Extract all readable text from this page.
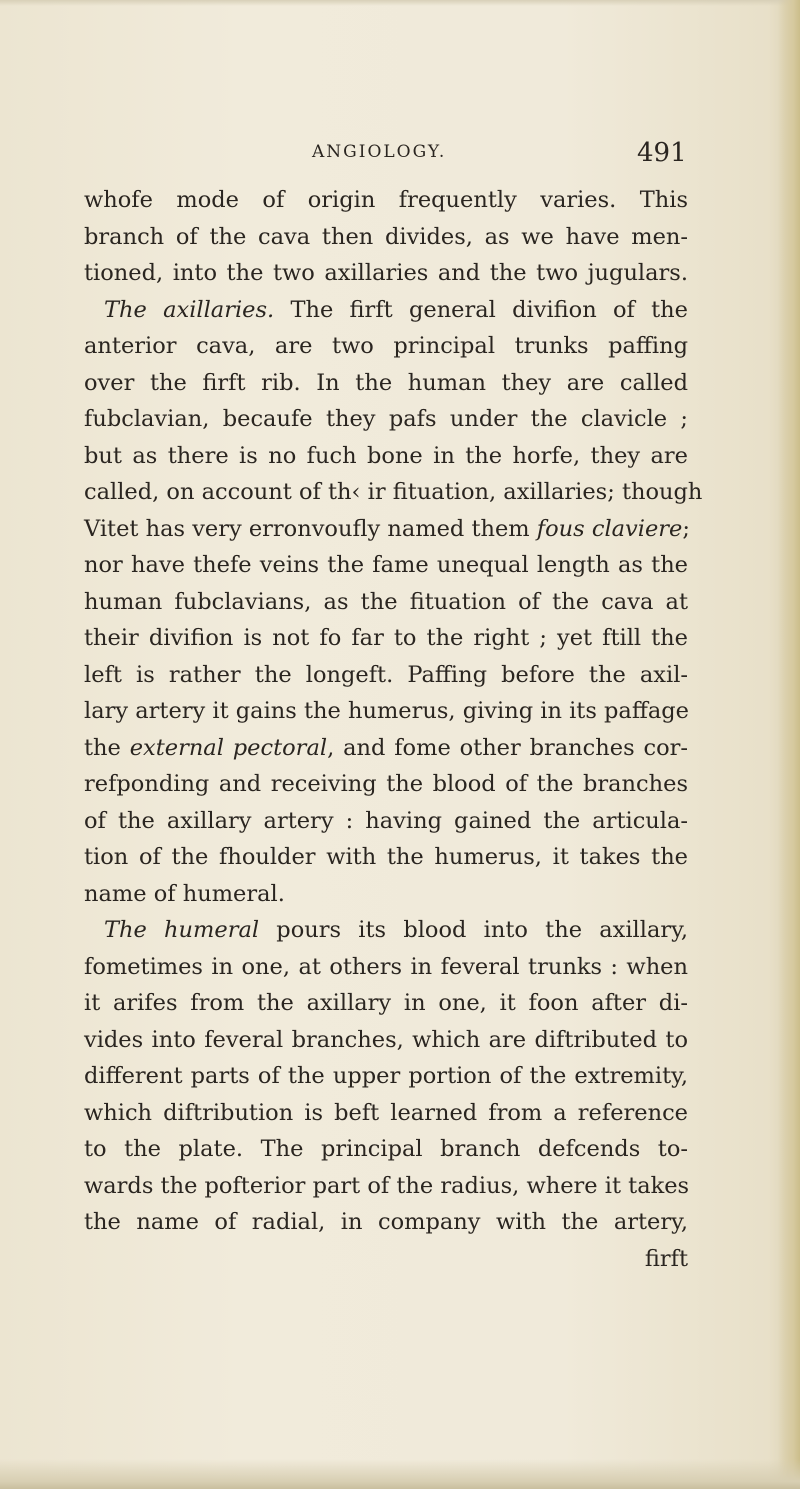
ANGIOLOGY.	491
whofe mode of origin frequently varies. This
branch of the cava then divides, as we have men-
tioned, into the two axillaries and the two jugulars.
The axillaries. The firft general divifion of the
anterior cava, are two principal trunks paffing
over the firft rib. In the human they are called
fubclavian, becaufe they pafs under the clavicle ;
but as there is no fuch bone in the horfe, they are
called, on account of th‹ ir fituation, axillaries; though
Vitet has very erronvoufly named them fous claviere;
nor have thefe veins the fame unequal length as the
human fubclavians, as the fituation of the cava at
their divifion is not fo far to the right ; yet ftill the
left is rather the longeft. Paffing before the axil-
lary artery it gains the humerus, giving in its paffage
the external pectoral, and fome other branches cor-
refponding and receiving the blood of the branches
of the axillary artery : having gained the articula-
tion of the fhoulder with the humerus, it takes the
name of humeral.
The humeral pours its blood into the axillary,
fometimes in one, at others in feveral trunks : when
it arifes from the axillary in one, it foon after di-
vides into feveral branches, which are diftributed to
different parts of the upper portion of the extremity,
which diftribution is beft learned from a reference
to the plate. The principal branch defcends to-
wards the pofterior part of the radius, where it takes
the name of radial, in company with the artery,
firft
